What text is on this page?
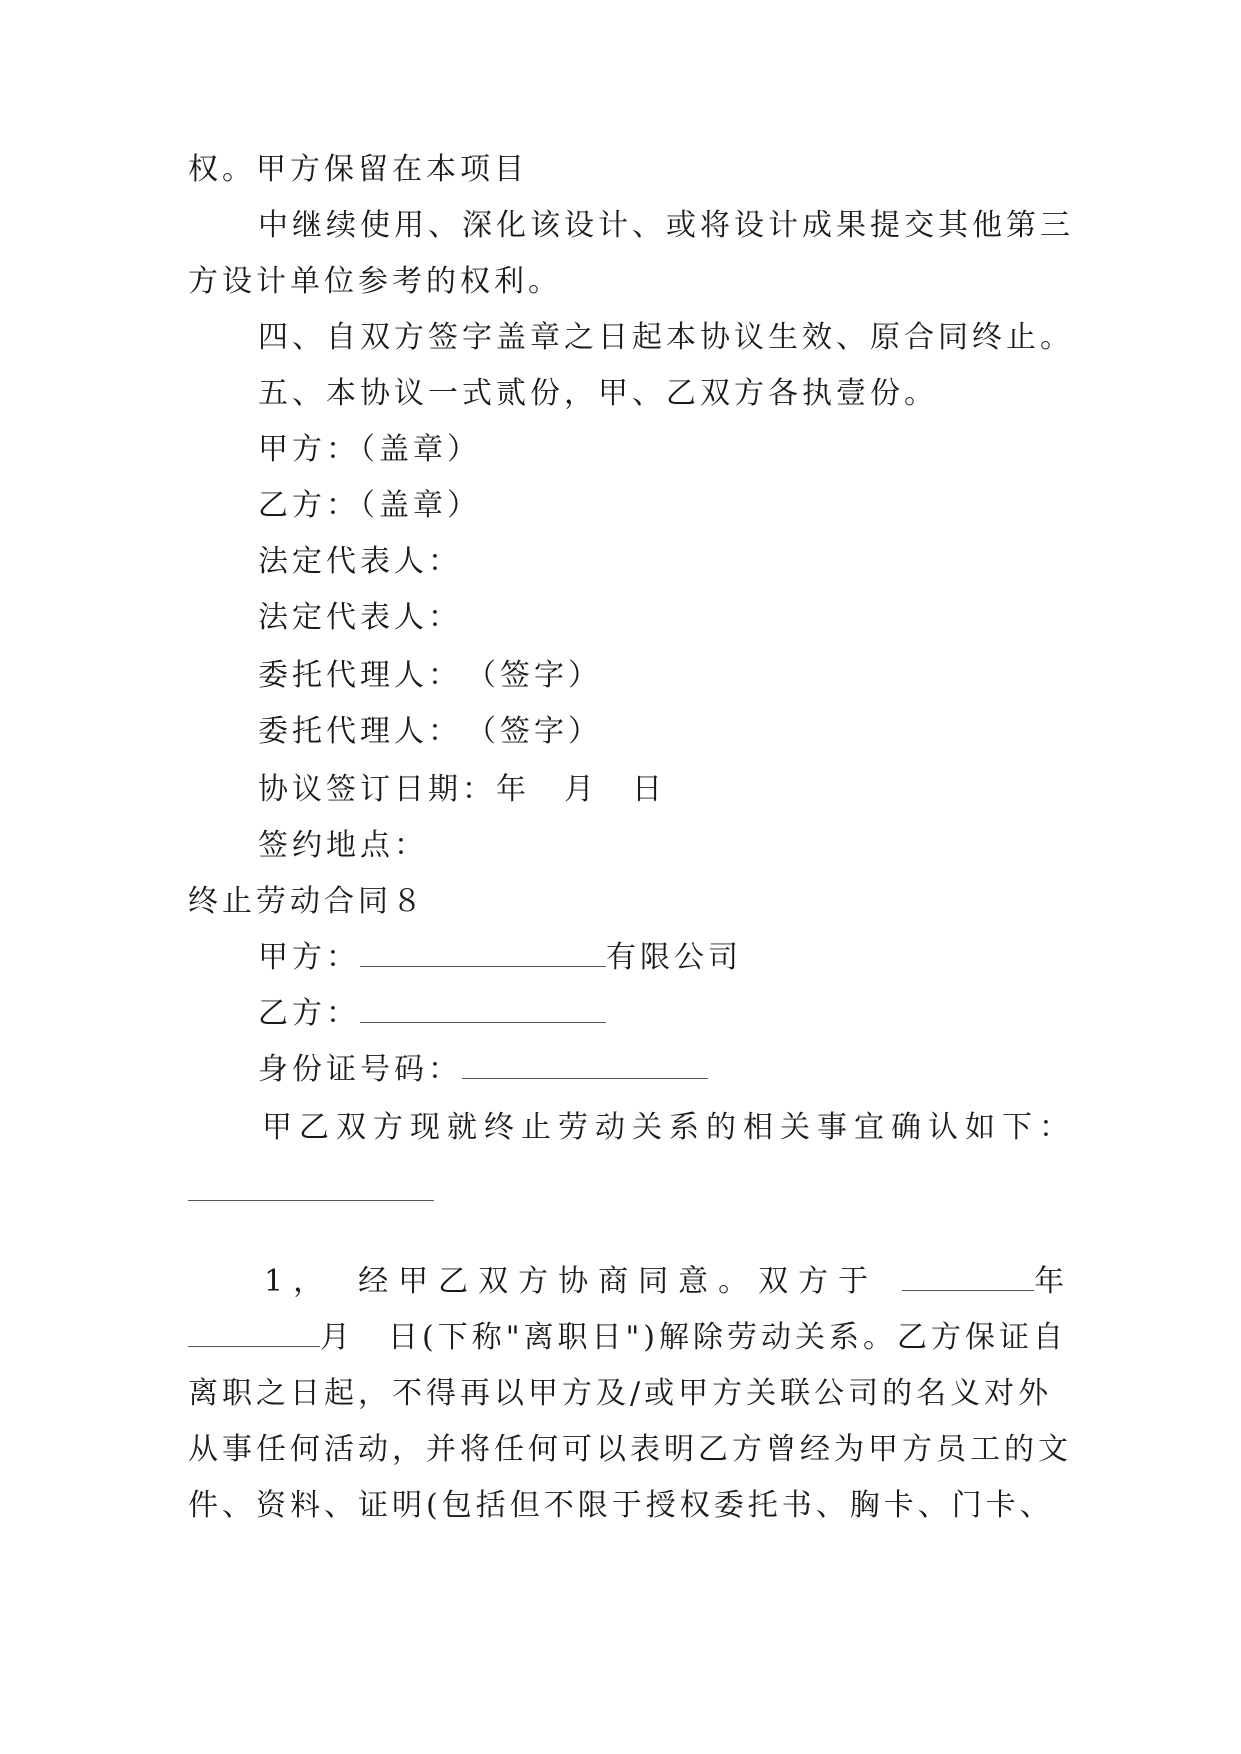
权。甲方保留在本项目
中继续使用、深化该设计、或将设计成果提交其他第三
方设计单位参考的权利。
四、自双方签字盖章之日起本协议生效、原合同终止。
五、本协议一式贰份，甲、乙双方各执壹份。
甲方：（盖章）
乙方：（盖章）
法定代表人：
法定代表人：
委托代理人：　（签字）
委托代理人：　（签字）
协议签订日期：年　月　日
签约地点：
终止劳动合同８
甲方：	有限公司
乙方：
身份证号码：
甲乙双方现就终止劳动关系的相关事宜确认如下：
1，　经甲乙双方协商同意。双方于	年
月　日(下称"离职日")解除劳动关系。乙方保证自
离职之日起，不得再以甲方及/或甲方关联公司的名义对外
从事任何活动，并将任何可以表明乙方曾经为甲方员工的文
件、资料、证明(包括但不限于授权委托书、胸卡、门卡、
